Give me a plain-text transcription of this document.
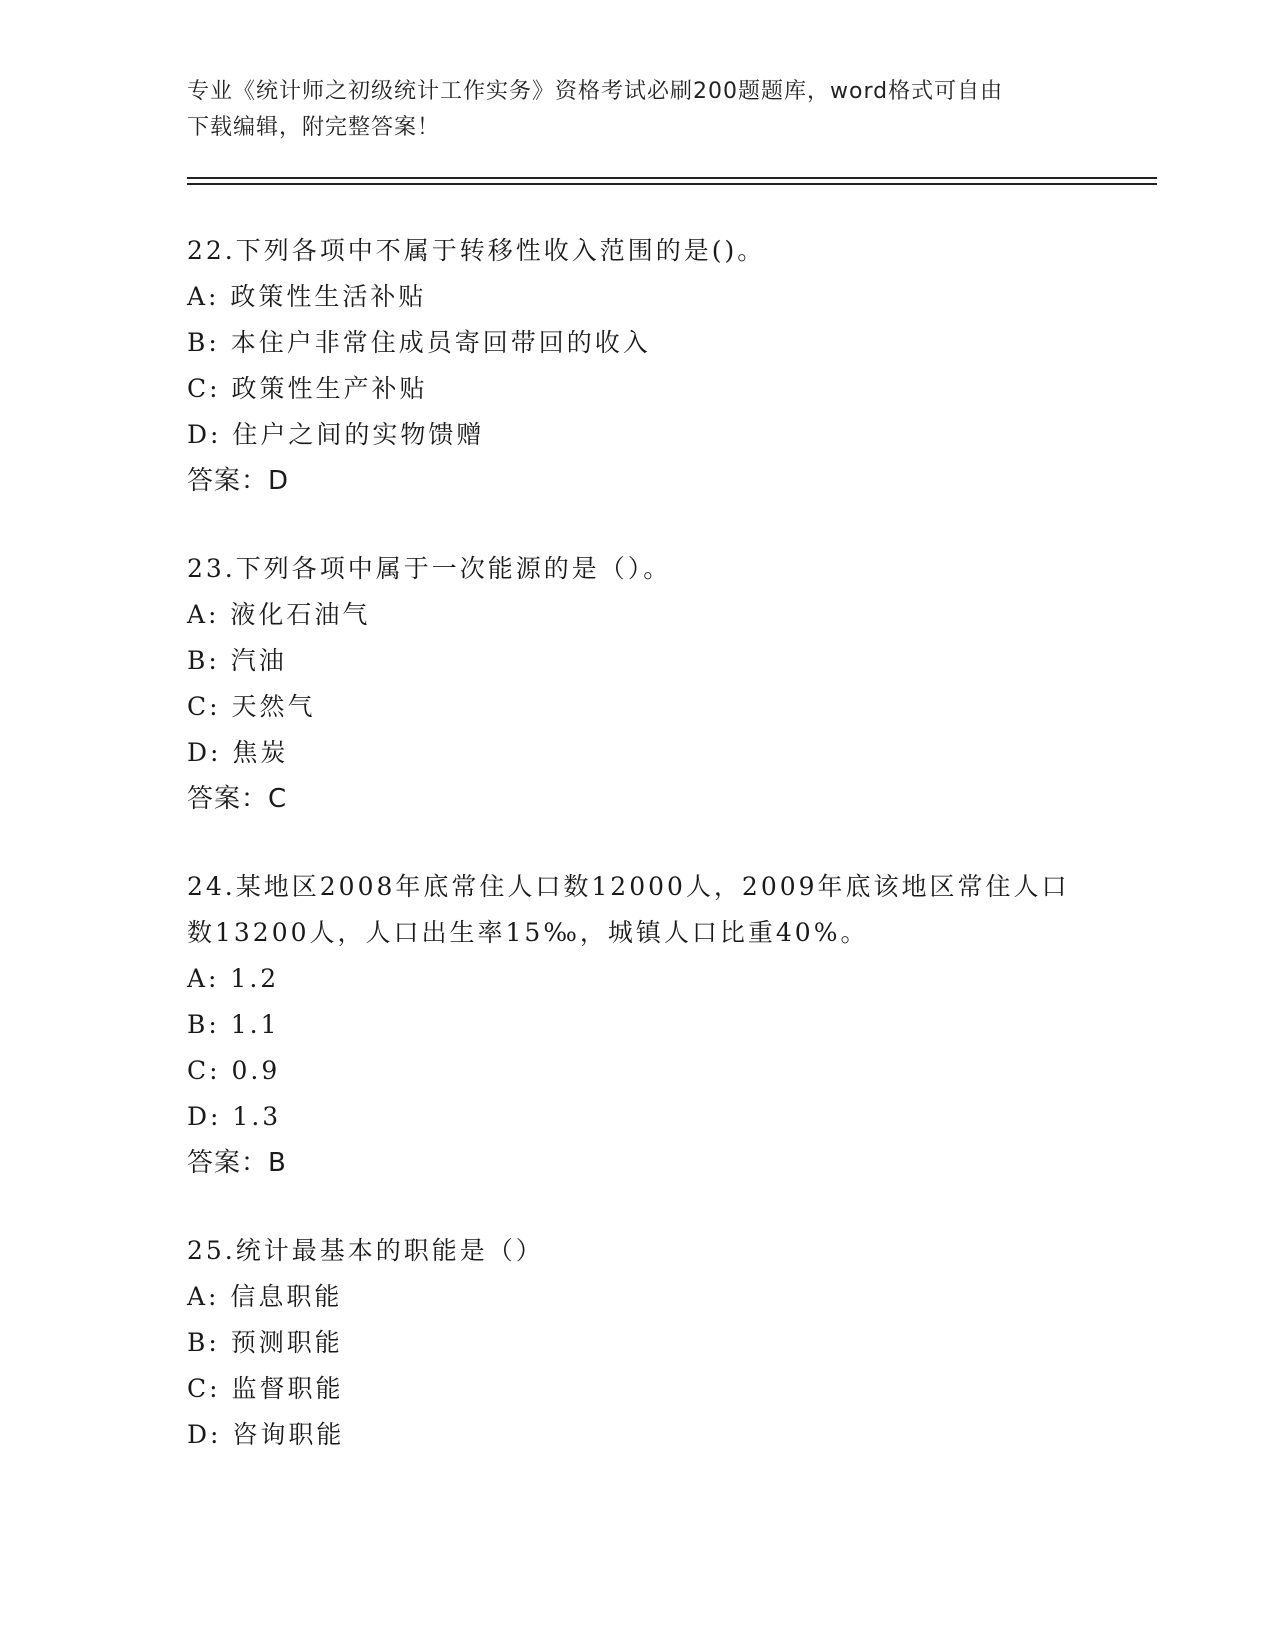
专业《统计师之初级统计工作实务》资格考试必刷200题题库，word格式可自由
下载编辑，附完整答案！
22.下列各项中不属于转移性收入范围的是()。
A: 政策性生活补贴
B: 本住户非常住成员寄回带回的收入
C: 政策性生产补贴
D: 住户之间的实物馈赠
答案：D
23.下列各项中属于一次能源的是（）。
A: 液化石油气
B: 汽油
C: 天然气
D: 焦炭
答案：C
24.某地区2008年底常住人口数12000人，2009年底该地区常住人口
数13200人，人口出生率15‰，城镇人口比重40%。
A: 1.2
B: 1.1
C: 0.9
D: 1.3
答案：B
25.统计最基本的职能是（）
A: 信息职能
B: 预测职能
C: 监督职能
D: 咨询职能
